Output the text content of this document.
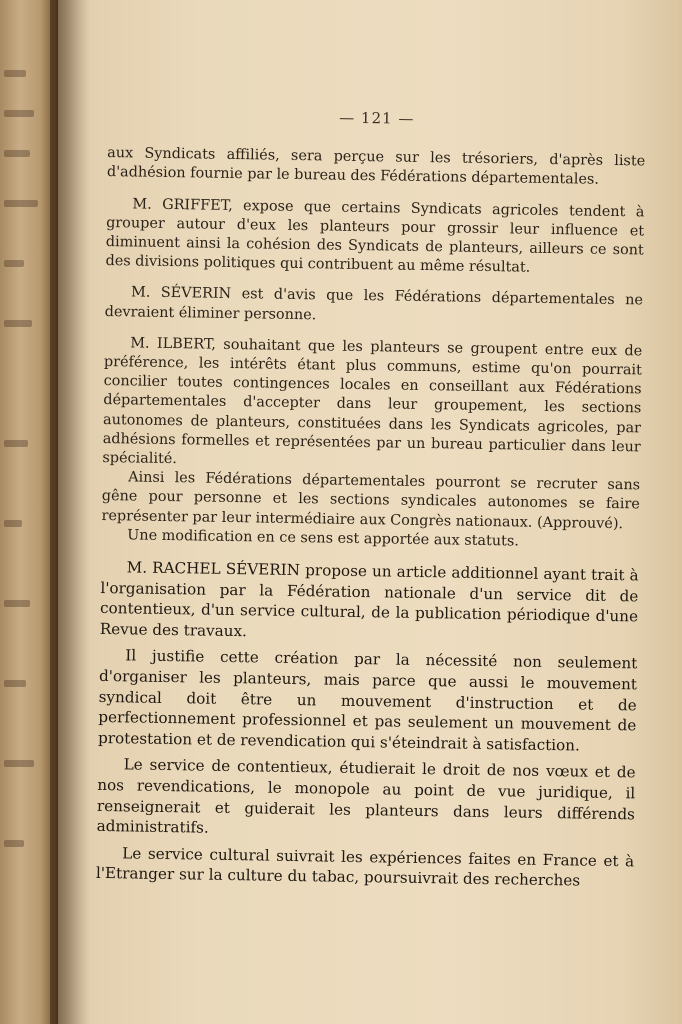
— 121 —

aux Syndicats affiliés, sera perçue sur les trésoriers, d'après liste d'adhésion fournie par le bureau des Fédérations départementales.

M. GRIFFET, expose que certains Syndicats agricoles tendent à grouper autour d'eux les planteurs pour grossir leur influence et diminuent ainsi la cohésion des Syndicats de planteurs, ailleurs ce sont des divisions politiques qui contribuent au même résultat.

M. SÉVERIN est d'avis que les Fédérations départementales ne devraient éliminer personne.

M. ILBERT, souhaitant que les planteurs se groupent entre eux de préférence, les intérêts étant plus communs, estime qu'on pourrait concilier toutes contingences locales en conseillant aux Fédérations départementales d'accepter dans leur groupement, les sections autonomes de planteurs, constituées dans les Syndicats agricoles, par adhésions formelles et représentées par un bureau particulier dans leur spécialité.

Ainsi les Fédérations départementales pourront se recruter sans gêne pour personne et les sections syndicales autonomes se faire représenter par leur intermédiaire aux Congrès nationaux. (Approuvé).

Une modification en ce sens est apportée aux statuts.

M. RACHEL SÉVERIN propose un article additionnel ayant trait à l'organisation par la Fédération nationale d'un service dit de contentieux, d'un service cultural, de la publication périodique d'une Revue des travaux.

Il justifie cette création par la nécessité non seulement d'organiser les planteurs, mais parce que aussi le mouvement syndical doit être un mouvement d'instruction et de perfectionnement professionnel et pas seulement un mouvement de protestation et de revendication qui s'éteindrait à satisfaction.

Le service de contentieux, étudierait le droit de nos vœux et de nos revendications, le monopole au point de vue juridique, il renseignerait et guiderait les planteurs dans leurs différends administratifs.

Le service cultural suivrait les expériences faites en France et à l'Etranger sur la culture du tabac, poursuivrait des recherches
